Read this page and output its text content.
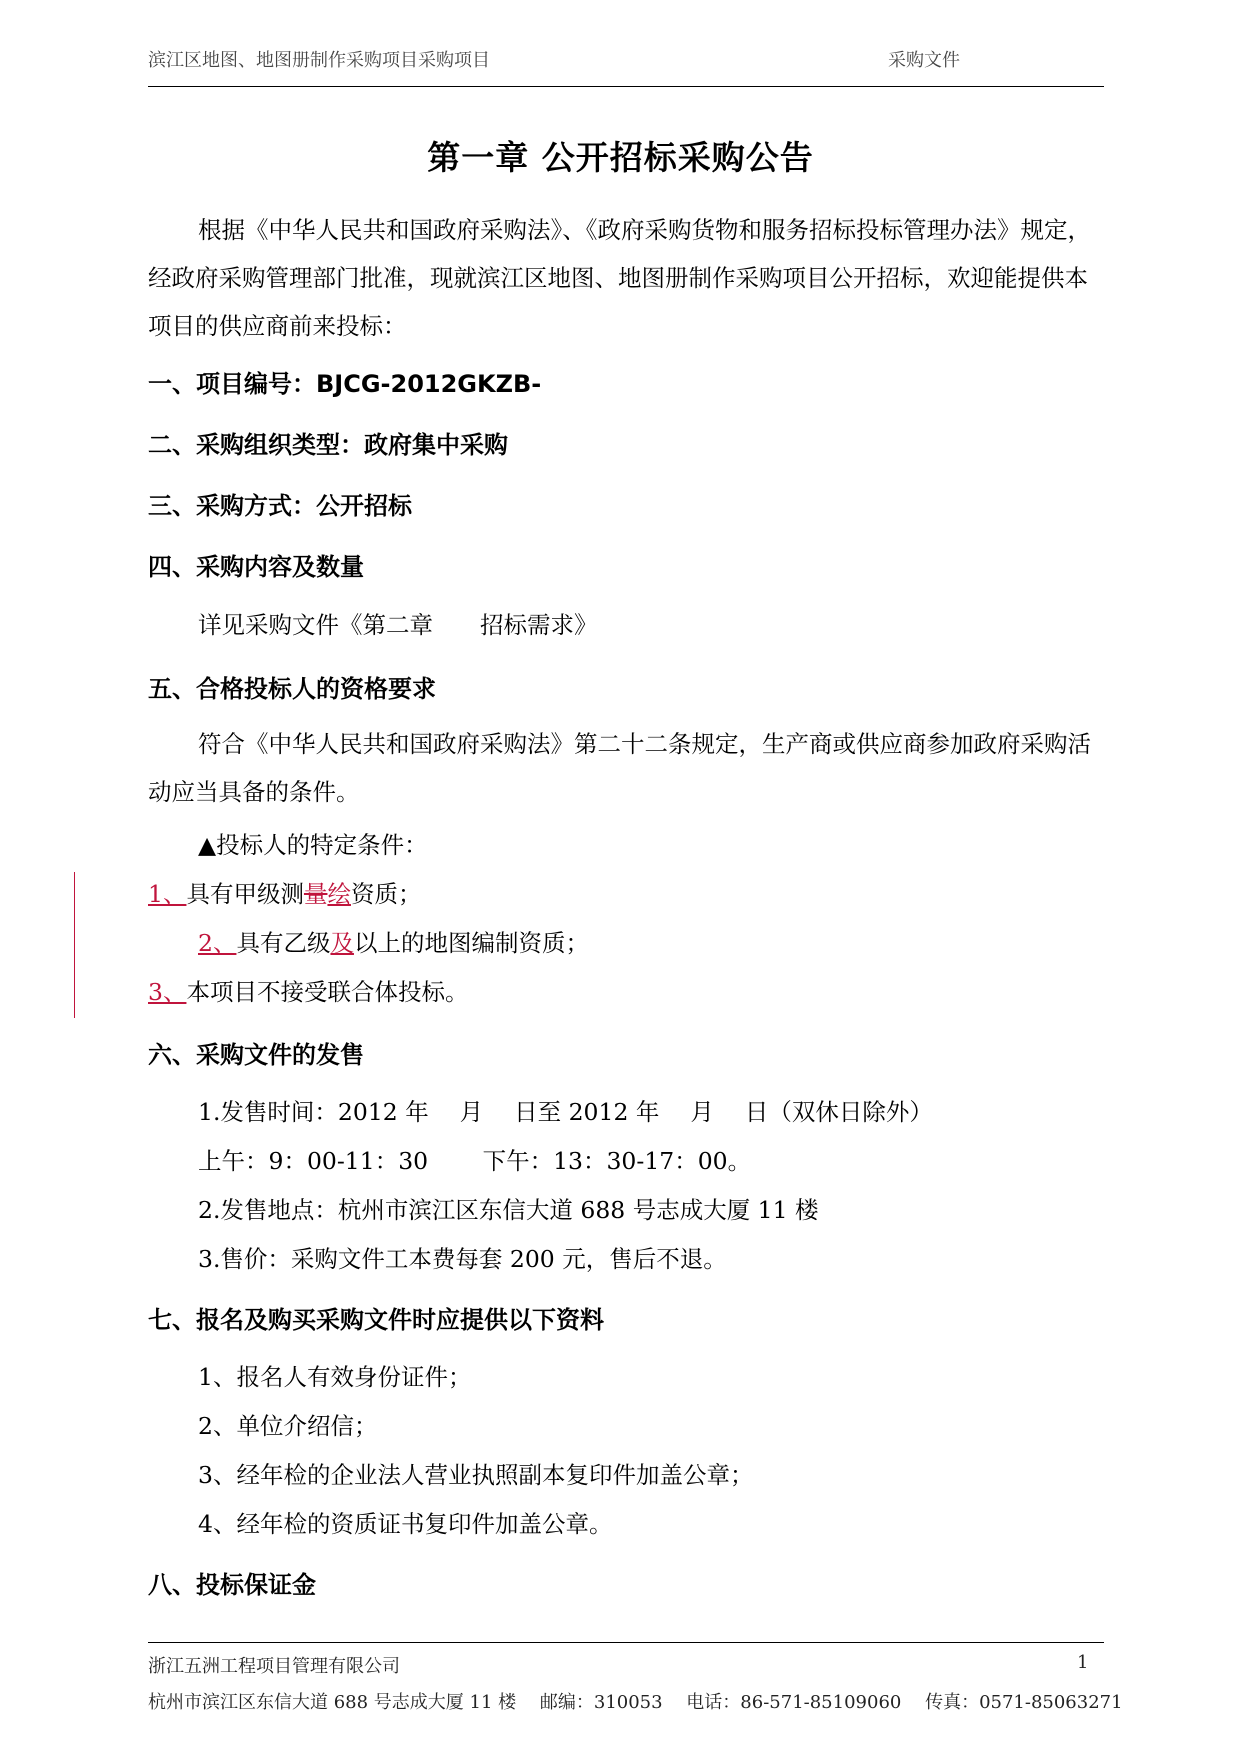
滨江区地图、地图册制作采购项目采购项目	采购文件
第一章 公开招标采购公告
根据《中华人民共和国政府采购法》、《政府采购货物和服务招标投标管理办法》规定，经政府采购管理部门批准，现就滨江区地图、地图册制作采购项目公开招标，欢迎能提供本项目的供应商前来投标：
一、项目编号：BJCG-2012GKZB-
二、采购组织类型：政府集中采购
三、采购方式：公开招标
四、采购内容及数量
详见采购文件《第二章　　招标需求》
五、合格投标人的资格要求
符合《中华人民共和国政府采购法》第二十二条规定，生产商或供应商参加政府采购活动应当具备的条件。
▲投标人的特定条件：
1、具有甲级测量绘资质；
2、具有乙级及以上的地图编制资质；
3、本项目不接受联合体投标。
六、采购文件的发售
1.发售时间：2012 年　 月　 日至 2012 年　 月　 日（双休日除外）
上午：9：00-11：30　　 下午：13：30-17：00。
2.发售地点：杭州市滨江区东信大道 688 号志成大厦 11 楼
3.售价：采购文件工本费每套 200 元，售后不退。
七、报名及购买采购文件时应提供以下资料
1、报名人有效身份证件；
2、单位介绍信；
3、经年检的企业法人营业执照副本复印件加盖公章；
4、经年检的资质证书复印件加盖公章。
八、投标保证金
浙江五洲工程项目管理有限公司	1
杭州市滨江区东信大道 688 号志成大厦 11 楼　 邮编：310053　 电话：86-571-85109060　 传真：0571-85063271
